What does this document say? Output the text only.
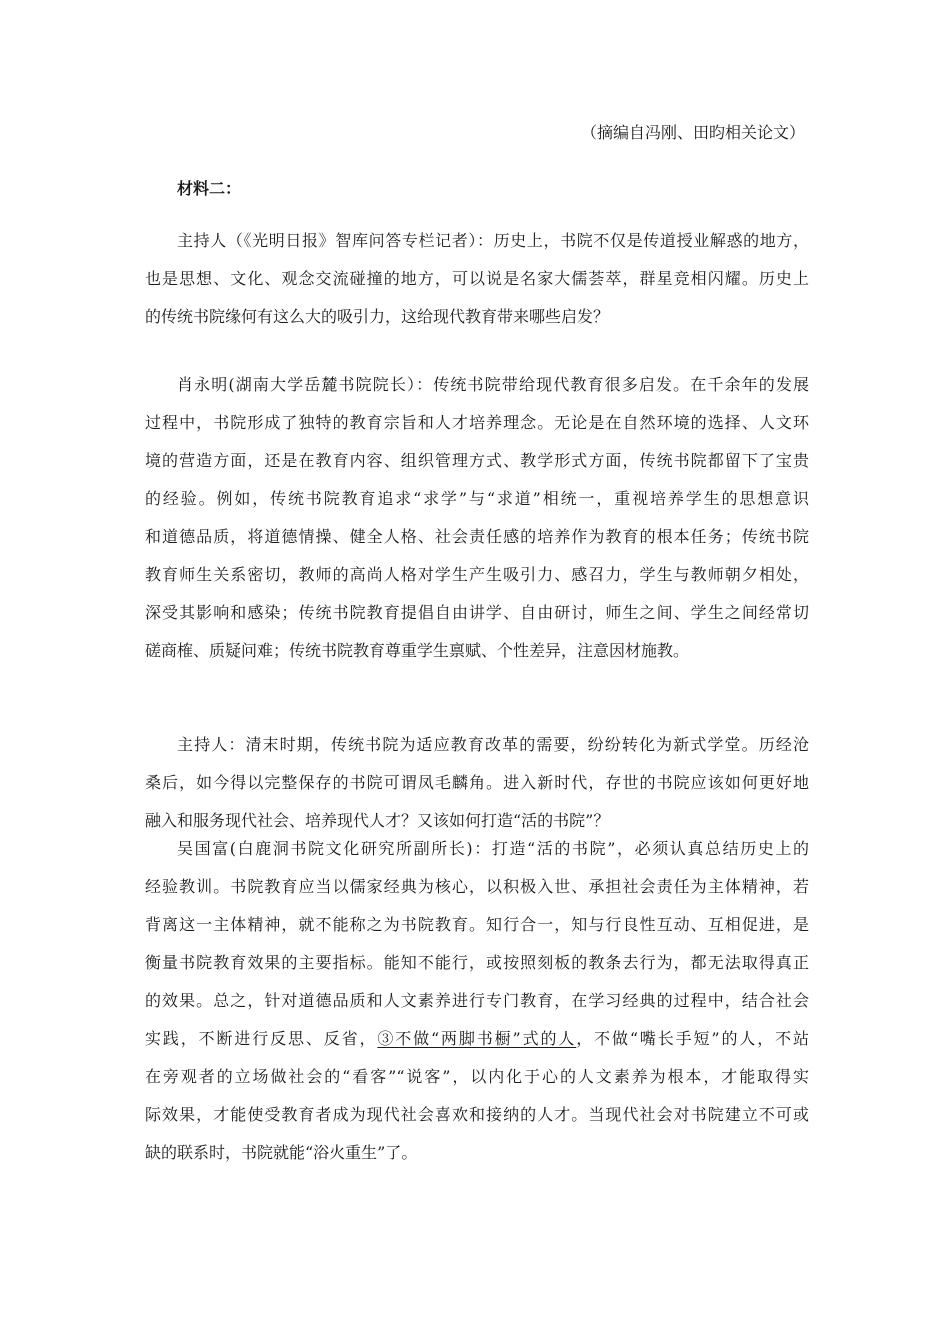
（摘编自冯刚、田昀相关论文）
材料二：
主持人（《光明日报》智库问答专栏记者）：历史上，书院不仅是传道授业解惑的地方，
也是思想、文化、观念交流碰撞的地方，可以说是名家大儒荟萃，群星竞相闪耀。历史上
的传统书院缘何有这么大的吸引力，这给现代教育带来哪些启发？
肖永明(湖南大学岳麓书院院长）：传统书院带给现代教育很多启发。在千余年的发展
过程中，书院形成了独特的教育宗旨和人才培养理念。无论是在自然环境的选择、人文环
境的营造方面，还是在教育内容、组织管理方式、教学形式方面，传统书院都留下了宝贵
的经验。例如，传统书院教育追求“求学”与“求道”相统一，重视培养学生的思想意识
和道德品质，将道德情操、健全人格、社会责任感的培养作为教育的根本任务；传统书院
教育师生关系密切，教师的高尚人格对学生产生吸引力、感召力，学生与教师朝夕相处，
深受其影响和感染；传统书院教育提倡自由讲学、自由研讨，师生之间、学生之间经常切
磋商榷、质疑问难；传统书院教育尊重学生禀赋、个性差异，注意因材施教。
主持人：清末时期，传统书院为适应教育改革的需要，纷纷转化为新式学堂。历经沧
桑后，如今得以完整保存的书院可谓凤毛麟角。进入新时代，存世的书院应该如何更好地
融入和服务现代社会、培养现代人才？又该如何打造“活的书院”？
吴国富(白鹿洞书院文化研究所副所长)：打造“活的书院”，必须认真总结历史上的
经验教训。书院教育应当以儒家经典为核心，以积极入世、承担社会责任为主体精神，若
背离这一主体精神，就不能称之为书院教育。知行合一，知与行良性互动、互相促进，是
衡量书院教育效果的主要指标。能知不能行，或按照刻板的教条去行为，都无法取得真正
的效果。总之，针对道德品质和人文素养进行专门教育，在学习经典的过程中，结合社会
实践，不断进行反思、反省，③不做“两脚书橱”式的人，不做“嘴长手短”的人，不站
在旁观者的立场做社会的“看客”“说客”，以内化于心的人文素养为根本，才能取得实
际效果，才能使受教育者成为现代社会喜欢和接纳的人才。当现代社会对书院建立不可或
缺的联系时，书院就能“浴火重生”了。
